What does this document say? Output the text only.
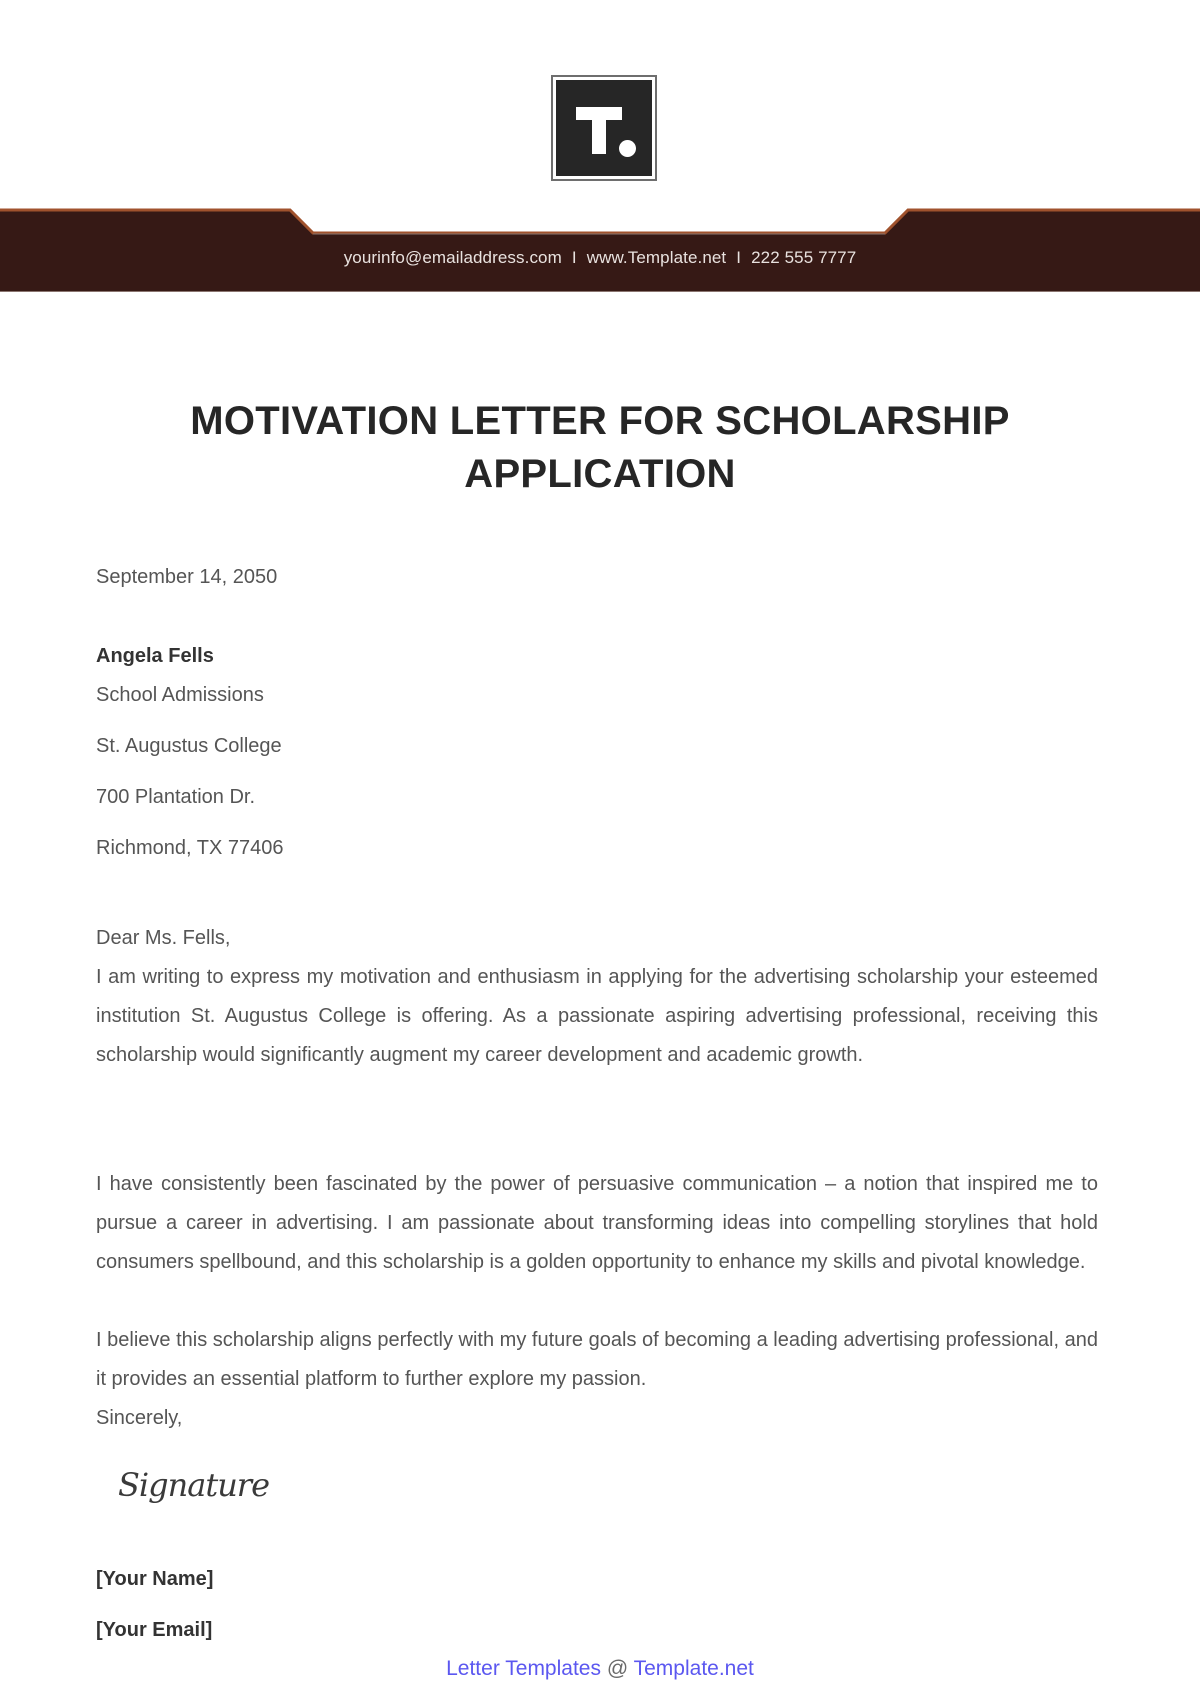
yourinfo@emailaddress.com I www.Template.net I 222 555 7777
MOTIVATION LETTER FOR SCHOLARSHIP
APPLICATION
September 14, 2050
Angela Fells
School Admissions
St. Augustus College
700 Plantation Dr.
Richmond, TX 77406
Dear Ms. Fells,

I am writing to express my motivation and enthusiasm in applying for the advertising scholarship your esteemed institution St. Augustus College is offering. As a passionate aspiring advertising professional, receiving this scholarship would significantly augment my career development and academic growth.

I have consistently been fascinated by the power of persuasive communication – a notion that inspired me to pursue a career in advertising. I am passionate about transforming ideas into compelling storylines that hold consumers spellbound, and this scholarship is a golden opportunity to enhance my skills and pivotal knowledge.

I believe this scholarship aligns perfectly with my future goals of becoming a leading advertising professional, and it provides an essential platform to further explore my passion.

Sincerely,
Signature
[Your Name]
[Your Email]
Letter Templates @ Template.net
